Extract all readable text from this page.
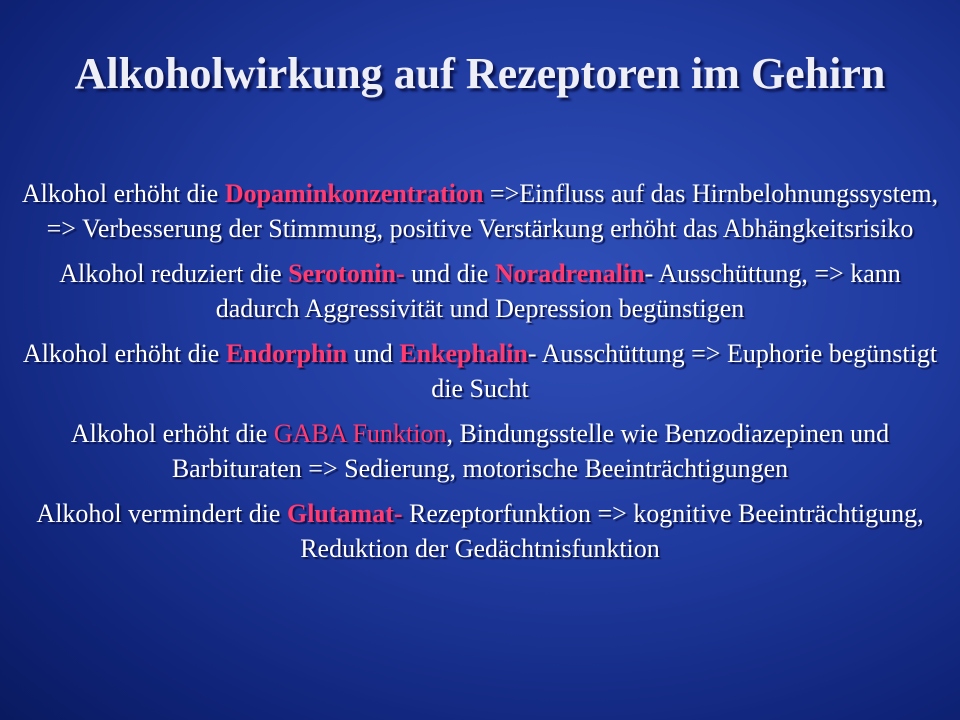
Alkoholwirkung auf Rezeptoren im Gehirn

Alkohol erhöht die Dopaminkonzentration =>Einfluss auf das Hirnbelohnungssystem, => Verbesserung der Stimmung, positive Verstärkung erhöht das Abhängkeitsrisiko

Alkohol reduziert die Serotonin- und die Noradrenalin- Ausschüttung, => kann dadurch Aggressivität und Depression begünstigen

Alkohol erhöht die Endorphin und Enkephalin- Ausschüttung => Euphorie begünstigt die Sucht

Alkohol erhöht die GABA Funktion, Bindungsstelle wie Benzodiazepinen und Barbituraten => Sedierung, motorische Beeinträchtigungen

Alkohol vermindert die Glutamat- Rezeptorfunktion => kognitive Beeinträchtigung, Reduktion der Gedächtnisfunktion
